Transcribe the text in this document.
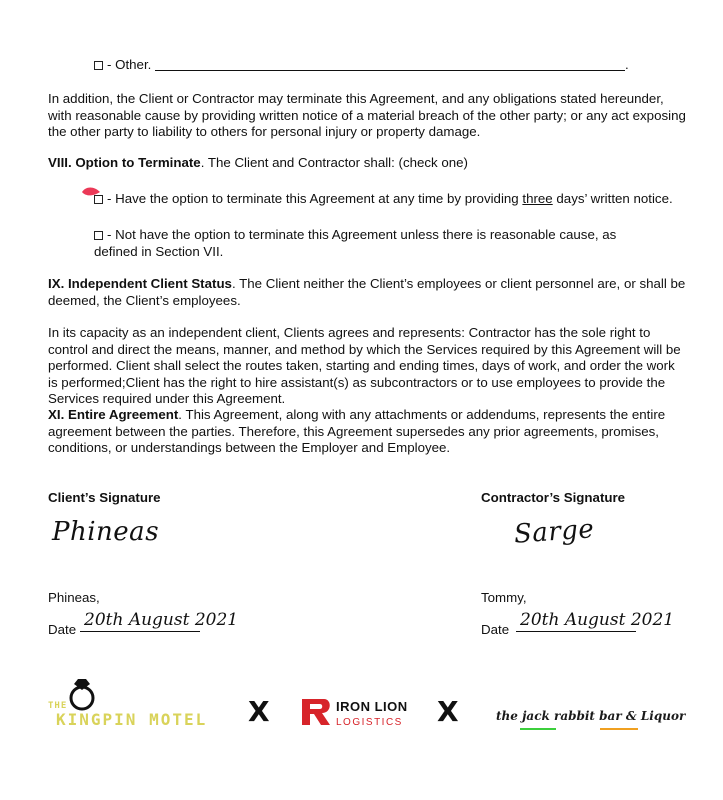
- Other.	.
In addition, the Client or Contractor may terminate this Agreement, and any obligations stated hereunder, with reasonable cause by providing written notice of a material breach of the other party; or any act exposing the other party to liability to others for personal injury or property damage.
VIII. Option to Terminate. The Client and Contractor shall: (check one)
- Have the option to terminate this Agreement at any time by providing three days’ written notice.
- Not have the option to terminate this Agreement unless there is reasonable cause, as defined in Section VII.
IX. Independent Client Status. The Client neither the Client’s employees or client personnel are, or shall be deemed, the Client’s employees.
In its capacity as an independent client, Clients agrees and represents: Contractor has the sole right to control and direct the means, manner, and method by which the Services required by this Agreement will be performed. Client shall select the routes taken, starting and ending times, days of work, and order the work is performed;Client has the right to hire assistant(s) as subcontractors or to use employees to provide the Services required under this Agreement.
XI. Entire Agreement. This Agreement, along with any attachments or addendums, represents the entire agreement between the parties. Therefore, this Agreement supersedes any prior agreements, promises, conditions, or understandings between the Employer and Employee.
Client’s Signature	Contractor’s Signature
Phineas	Sarge
Phineas,	Tommy,
Date 20th August 2021	Date 20th August 2021
THE
KINGPIN MOTEL X	IRON LION
LOGISTICS X	the jack rabbit bar & Liquor
